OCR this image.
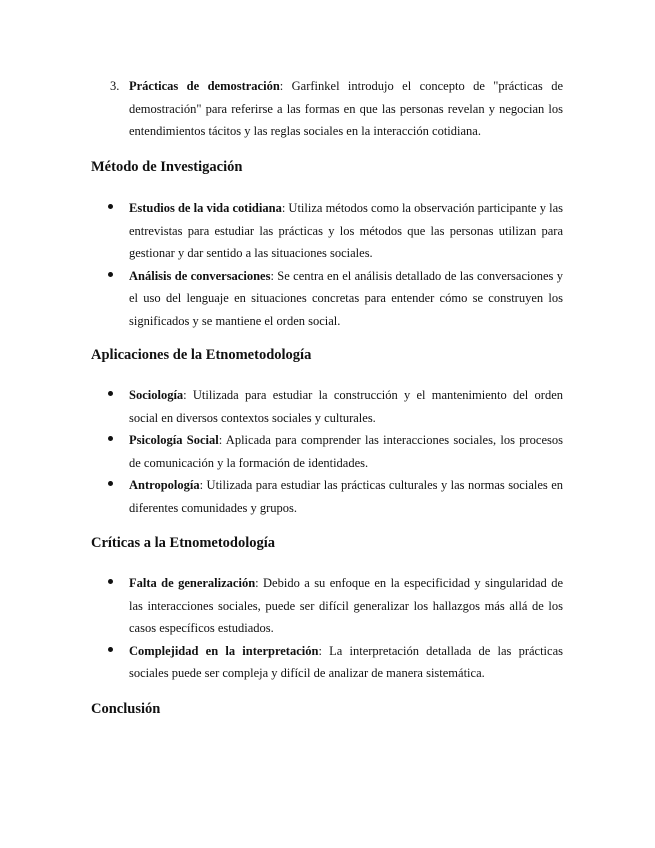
3. Prácticas de demostración: Garfinkel introdujo el concepto de "prácticas de demostración" para referirse a las formas en que las personas revelan y negocian los entendimientos tácitos y las reglas sociales en la interacción cotidiana.

Método de Investigación

Estudios de la vida cotidiana: Utiliza métodos como la observación participante y las entrevistas para estudiar las prácticas y los métodos que las personas utilizan para gestionar y dar sentido a las situaciones sociales.

Análisis de conversaciones: Se centra en el análisis detallado de las conversaciones y el uso del lenguaje en situaciones concretas para entender cómo se construyen los significados y se mantiene el orden social.

Aplicaciones de la Etnometodología

Sociología: Utilizada para estudiar la construcción y el mantenimiento del orden social en diversos contextos sociales y culturales.

Psicología Social: Aplicada para comprender las interacciones sociales, los procesos de comunicación y la formación de identidades.

Antropología: Utilizada para estudiar las prácticas culturales y las normas sociales en diferentes comunidades y grupos.

Críticas a la Etnometodología

Falta de generalización: Debido a su enfoque en la especificidad y singularidad de las interacciones sociales, puede ser difícil generalizar los hallazgos más allá de los casos específicos estudiados.

Complejidad en la interpretación: La interpretación detallada de las prácticas sociales puede ser compleja y difícil de analizar de manera sistemática.

Conclusión
